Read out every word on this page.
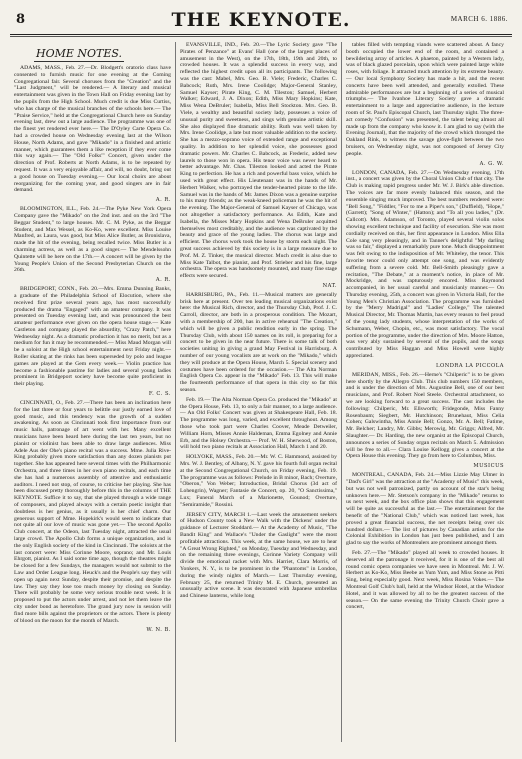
8	THE KEYNOTE.	MARCH 6. 1886.
HOME NOTES.

ADAMS, MASS., Feb. 27.—Dr. Blodgett's oratorio class have consented to furnish music for one evening at the Coming Congregational fair. Several choruses from the "Creation" and the "Last Judgment," will be rendered.— A literary and musical entertainment was given in the Town Hall on Friday evening last by the pupils from the High School. Much credit is due Miss Curtiss, who has charge of the musical branches of the schools here.— The "Praise Service," held at the Congregational Church here on Sunday evening last, drew out a large audience. The programme was one of the finest yet rendered ever here.— The D'Oyley Carte Opera Co. had a crowded house on Wednesday evening last at the Wilson House, North Adams, and gave "Mikado" in a finished and artistic manner, which guarantees them a like reception if they ever come this way again.— The "Old Folks'" Concert, given under the direction of Prof. Roberts at North Adams, is to be repeated by request. It was a very enjoyable affair, and will, no doubt, bring out a good house on Tuesday evening.— Our local choirs are about reorganizing for the coming year, and good singers are in fair demand.

A. R.

BLOOMINGTON, ILL., Feb. 24.—The Pyke New York Opera Company gave the "Mikado" on the 2nd inst. and on the 3rd "The Beggar Student," to large houses. Mr. C. M. Pyke, as the Beggar Student, and Max Wessel, as Ko-Ko, were excellent. Miss Louise Manfred, as Laura, was good, but Miss Alice Butler, as Bronislava, made the hit of the evening, being recalled twice. Miss Butler is a charming actress, as well as a good singer.— The Mendelssohn Quintette will be here on the 17th.— A concert will be given by the Young People's Union of the Second Presbyterian Church on the 26th.

A. R.

BRIDGEPORT, CONN., Feb. 20.—Mrs. Emma Dunning Banks, a graduate of the Philadelphia School of Elocution, where she received first prize several years ago, has most successfully produced the drama "Engaged" with an amateur company. It was presented on Tuesday evening last, and was pronounced the best amateur performance ever given on the opera house stage.— Kate Castleton and company played the absurdity, "Crazy Patch," here Wednesday night. As a dramatic production it has no merit, but as a medium for fun it may be recommended.— Miss Maud Morgan will be a soloist at the High school entertainment next Friday night.— Roller skating at the rinks has been superseded by polo and league games are played at the Gem every week.— Violin practice has become a fashionable pastime for ladies and several young ladies prominent in Bridgeport society have become quite proficient in their playing.

F. C. S.

CINCINNATI, O., Feb. 27.—There has been an inclination here for the last three or four years to belittle our justly earned love of good music, and this tendency was the growth of a sudden awakening. As soon as Cincinnati took first importance from our music halls, patronage of art went with her. Many excellent musicians have been heard here during the last ten years, but no pianist or violinist has been able to draw large audiences. Miss Adele Aus der Ohe's piano recital was a success. Mme. Julia Rive-King probably given more satisfaction than any dozen pianists put together. She has appeared here several times with the Philharmonic Orchestra, and three times in her own piano recitals, and each time she has had a numerous assembly of attentive and enthusiastic auditors. I need not stop, of course, to criticise her playing. She has been discussed pretty thoroughly before this in the columns of THE KEYNOTE. Suffice it to say, that she played through a wide range of composers, and played always with a certain poetic insight that doubtless is her genius, as it usually is her chief charm. Our generous support of Mme. Hopekirk's would seem to indicate that not quite all our love of music was gone yet.— The second Apollo Club concert, at the Odeon, last Tuesday night, attracted the usual large crowd. The Apollo Club forms a unique organization, and is the only English society of the kind in Cincinnati. The soloists at the last concert were: Miss Corinne Moore, soprano; and Mr. Louis Ehrgott, pianist. As I said some time ago, though the theatres might be closed for a few Sundays, the managers would not submit to the Law and Order League long. Heuck's and the People's say they will open up again next Sunday, despite their promise, and despite the law. They say they lose too much money by closing on Sunday. There will probably be some very serious trouble next week. It is proposed to put the actors under arrest, and not let them leave the city under bond as heretofore. The grand jury now in session will find more bills against the proprietors or the actors. There is plenty of blood on the moon for the month of March.

W. N. B.

EVANSVILLE, IND., Feb. 20.—The Lyric Society gave "The Pirates of Penzance" at Evans' Hall (one of the largest places of amusement in the West), on the 17th, 18th, 19th and 20th, to crowded houses. It was a splendid success in every way, and reflected the highest credit upon all its participants. The following was the cast: Mabel, Mrs. Geo. B. Viele; Frederic, Charles C. Babcock; Ruth, Mrs. Irene Coolidge; Major-General Stanley, Samuel Kayser; Pirate King, C. M. Tileston; Samuel, Herbert Walker; Edward, J. A. Dixon; Edith, Miss Mary Hopkins; Kate, Miss Wena DeBruler; Isabella, Miss Bell Stockton. Mrs. Geo. B. Viele, a wealthy and beautiful society lady, possesses a voice of unusual purity and sweetness, and sings with genuine artistic skill. She also displayed fine dramatic ability. Ruth was well taken by Mrs. Irene Coolidge, a late but most valuable addition to the society. She has a mezzo-soprano voice of extended range and exceptional quality. In addition to her splendid voice, she possesses good dramatic powers. Mr. Charles C. Babcock, as Frederic, added new laurels to those won in opera. His tenor voice was never heard to better advantage. Mr. Chas. Tileston looked and acted the Pirate King to perfection. He has a rich and powerful bass voice, which he used with great effect. His Lieutenant was in the hands of Mr. Herbert Walker, who portrayed the tender-hearted pirate to the life. Samuel was in the hands of Mr. James Dixon was a genuine surprise to his many friends; as the weak-kneed policeman he was the hit of the evening. The Major-General of Samuel Kayser of Chicago, was not altogether a satisfactory performance. As Edith, Kate and Isabella, the Misses Mary Hopkins and Wena DeBruler acquitted themselves most creditably, and the audience was captivated by the beauty and grace of the young ladies. The chorus was large and efficient. The chorus work took the house by storm each night. The great success achieved by this society is in a large measure due to Prof. M. Z. Tinker, the musical director. Much credit is also due to Miss Kate Talbot, the pianist, and Prof. Strieber and his fine, large orchestra. The opera was handsomely mounted, and many fine stage effects were secured.

NAT.

HARRISBURG, PA., Feb. 11.—Musical matters are generally brisk here at present. Over ten leading musical organizations exist here: the Musical Rich, director, and the Thursday Club, Prof. J. C. Carroll, director, are both in a prosperous condition. The Mozart, with a membership of 200, has in active rehearsal "The Creation," which will be given a public rendition early in the spring. The Thursday Club, with about 150 names on its roll, is preparing for a concert to be given in the near future. There is some talk of both societies uniting in giving a grand May Festival in Harrisburg. A number of our young vocalists are at work on the "Mikado," which they will produce at the Opera House, March 5. Special scenery and costumes have been ordered for the occasion.— The Alta Norman English Opera Co. appear in the "Mikado" Feb. 13. This will make the fourteenth performance of that opera in this city so far this season.

Feb. 19.— The Alta Norman Opera Co. produced the "Mikado" at the Opera House, Feb. 13, to only a fair manner, to a large audience.— An Old Folks' Concert was given at Shakespeare Hall, Feb. 18. The programme was long, varied, and excellent throughout. Among those who took part were Charles Coover, Meade Detweiler, William Horn, Misses Annie Haldeman, Emma Egolney and Annie Erb, and the Holsey Orchestra.— Prof. W. H. Sherwood, of Boston, will hold two piano recitals at Association Hall, March 1 and 20.

HOLYOKE, MASS., Feb. 20.—Mr. W. C. Hammond, assisted by Mrs. W. J. Bentley, of Albany, N. Y. gave his fourth full organ recital at the Second Congregational Church, on Friday evening, Feb. 19. The programme was as follows: Prelude in B minor, Bach; Overture, "Oberon," Von Weber; Introduction, Bridal Chorus (3d act of Lohengrin), Wagner; Fantasie de Concert, op. 20, "O Sanctissima," Lux; Funeral March of a Marionette, Gounod; Overture, "Semiramide," Rossini.

JERSEY CITY, MARCH 1.—Last week the amusement seekers of Hudson County took a New Walk with the Dickens' under the guidance of Lecturer Stoddard.— At the Academy of Music, "The Bandit King" and Wallace's "Under the Gaslight" were the most profitable attractions. This week, at the same house, we are to hear "A Great Wrong Righted," on Monday, Tuesday and Wednesday, and on the remaining three evenings, Corinne Variety Company will divide the emotional racket with Mrs. Harriet, Clara Morris, of Yonkers, N. Y., is to be prominent in the "Phantoms" in London, during the windy nights of March.— Last Thursday evening, February 25, the returned Trinity M. E. Church, presented an unusually active scene. It was decorated with Japanese umbrellas and Chinese lanterns, while long

tables filled with tempting viands were scattered about. A fancy booth occupied the lower end of the room, and contained a bewildering array of articles. A phaeton, painted by a Western lady, was of black glazed porcelain, upon which were painted large white roses, with foliage. It attracted much attention by its extreme beauty.— Our local Symphony Society has made a hit, and the recent concerts have been well attended, and generally extolled. These admirable performances are but a beginning of a series of musical triumphs.— The Ivanhoe Literary Society gave a dramatic entertainment to a large and appreciative audience, in the lecture room of St. Paul's Episcopal Church, last Thursday night. The three-act comedy "Confusion" was presented, the talent being almost all made up from the company who know it. I am glad to say (with the Evening Journal), that the majority of the crowd which thronged the Oakland Rink, to witness the savage glove-fight between the two bruisers, on Wednesday night, was not composed of Jersey City people.

A. G. W.

LONDON, CANADA, Feb. 27.—On Wednesday evening, 17th inst., a concert was given by the Choral Union Club of that city. The Club is making rapid progress under Mr. W. J. Birk's able direction. The voices are far more evenly balanced this season, and the ensemble singing much improved. The best numbers rendered were: "Bell Song," "Fiddler, "For to me a Piper's son," (Duffield), "Hope," (Garrett); "Song of Winter," (Hatton); and "To all you ladies," (Dr. Callcott). Mrs. Adamson, of Toronto, played several violin solos showing excellent technique and facility of execution. She was most cordially received on this, her first appearance in London. Miss Ella Cole sang very pleasingly, and in Tanner's delightful "My darling was so fair," displayed a remarkably pure tone. Much disappointment was felt owing to the indisposition of Mr. Whiteley, the tenor. This favorite tenor could only attempt one song, and was evidently suffering from a severe cold. Mr. Bell-Smith pleasingly gave a recitation, "The Debate," at a moment's notice, in place of Mr. Mockridge, and was rapturously encored. Miss Raymond accompanied, in her usual careful and musicianly manner.— On Thursday evening, 25th, a concert was given in Victoria Hall, for the Young Men's Christian Association. The programme was furnished by the "Merry Madrigal" and "Ladies' College," The talented Musical Director, Mr. Thomas Martin, has every reason to feel proud of the young lady students, whose interpretation of the works of Schumann, Weber, Chopin, etc., was most satisfactory. The vocal portion of the programme, under the direction of Mrs. Moore Hatton, was very ably sustained by several of the pupils, and the songs contributed by Miss Haggan and Miss Howell were highly appreciated.

LONDRA LA PICCOLA

MERIDAN, MISS., Feb. 26.—Herne's "Chilperic" is to be given here shortly by the Allegro Club. This club numbers 150 members, and is under the direction of Mrs. Augustine Bell, one of our best musicians, and Prof. Robert Noel Steele. Orchestral attachment, so we are looking forward to a great success. The cast includes the following: Chilperic, Mr. Ellsworth; Fridegonde, Miss Fanny Rosenbaum; Siegbert, Mr. Hutchinson; Brunehaut, Miss Celia Cohen; Galswintha, Miss Annie Bell; Gonzo, Mr. A. Bell; Fatime, Mr. Belcher; Landry, Mr. Gibbs; Merowig, Mr. Griggs; Alfred, Mr. Slaughter.— Dr. Harding, the new organist at the Episcopal Church, announces a series of Sunday organ recitals on March 5. Admission will be free to all.— Clara Louise Kellogg gives a concert at the Opera House this evening. They go from here to Columbus, Miss.

MUSICUS

MONTREAL, CANADA, Feb. 24.—Miss Lizzie May Ulmer in "Dad's Girl" was the attraction at the "Academy of Music" this week, but was not well patronized, partly on account of the star's being unknown here.— Mr. Stetson's company in the "Mikado" returns to us next week, and the box office plan shows that this engagement will be quite as successful as the last.— The entertainment for the benefit of the "National Club," which was noticed last week, has proved a great financial success, the net receipts being over six hundred dollars.— The list of pictures by Canadian artists for the Colonial Exhibition in London has just been published, and I am glad to say the works of Montrealers are prominent amongst them.

Feb. 27.—The "Mikado" played all week to crowded houses. It deserved all the patronage it received, for it is one of the best all round comic opera companies we have seen in Montreal. Mr. J. W. Herbert as Ko-Ko, Miss Beebe as Yum Yum, and Miss Stone as Pitti Sing, being especially good. Next week, Miss Rosina Vokes.— The Montreal Golf Club's ball, held at the Windsor Hotel, at the Windsor Hotel, and it was allowed by all to be the greatest success of the season.— On the same evening the Trinity Church Choir gave a concert,
